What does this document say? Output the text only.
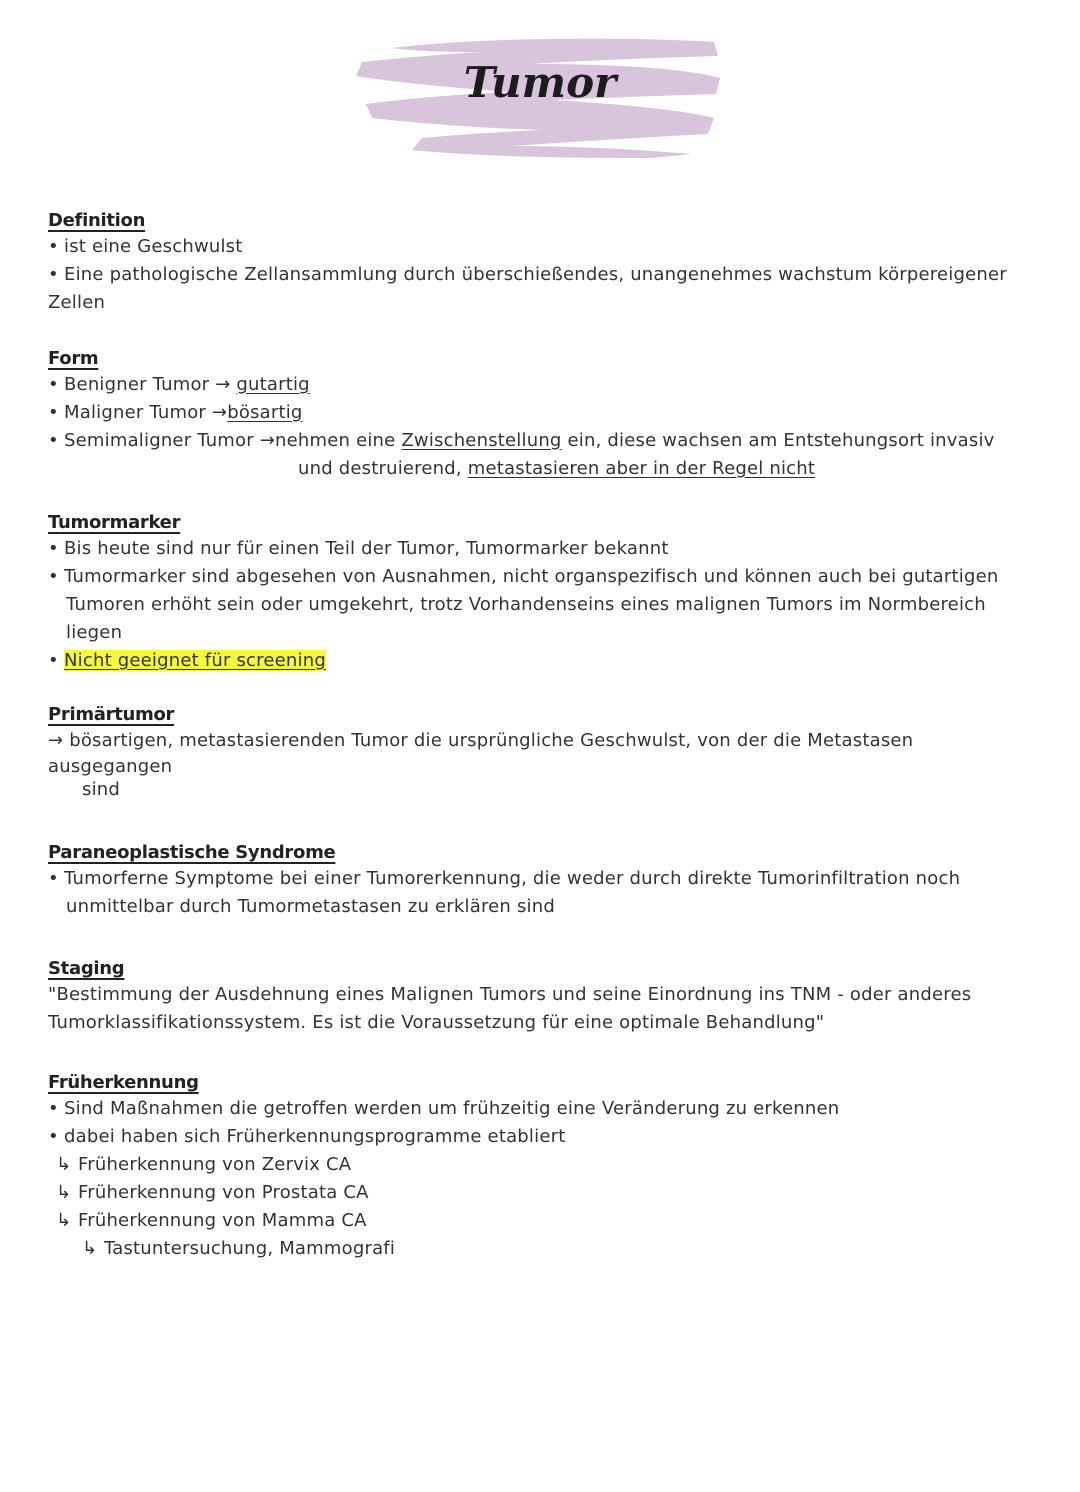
Tumor
Definition
• ist eine Geschwulst
• Eine pathologische Zellansammlung durch überschießendes, unangenehmes wachstum körpereigener
Zellen
Form
• Benigner Tumor → gutartig
• Maligner Tumor →bösartig
• Semimaligner Tumor →nehmen eine Zwischenstellung ein, diese wachsen am Entstehungsort invasiv
und destruierend, metastasieren aber in der Regel nicht
Tumormarker
• Bis heute sind nur für einen Teil der Tumor, Tumormarker bekannt
• Tumormarker sind abgesehen von Ausnahmen, nicht organspezifisch und können auch bei gutartigen
Tumoren erhöht sein oder umgekehrt, trotz Vorhandenseins eines malignen Tumors im Normbereich
liegen
• Nicht geeignet für screening
Primärtumor
→ bösartigen, metastasierenden Tumor die ursprüngliche Geschwulst, von der die Metastasen
ausgegangen
sind
Paraneoplastische Syndrome
• Tumorferne Symptome bei einer Tumorerkennung, die weder durch direkte Tumorinfiltration noch
unmittelbar durch Tumormetastasen zu erklären sind
Staging
"Bestimmung der Ausdehnung eines Malignen Tumors und seine Einordnung ins TNM - oder anderes
Tumorklassifikationssystem. Es ist die Voraussetzung für eine optimale Behandlung"
Früherkennung
• Sind Maßnahmen die getroffen werden um frühzeitig eine Veränderung zu erkennen
• dabei haben sich Früherkennungsprogramme etabliert
↳ Früherkennung von Zervix CA
↳ Früherkennung von Prostata CA
↳ Früherkennung von Mamma CA
↳ Tastuntersuchung, Mammografi
